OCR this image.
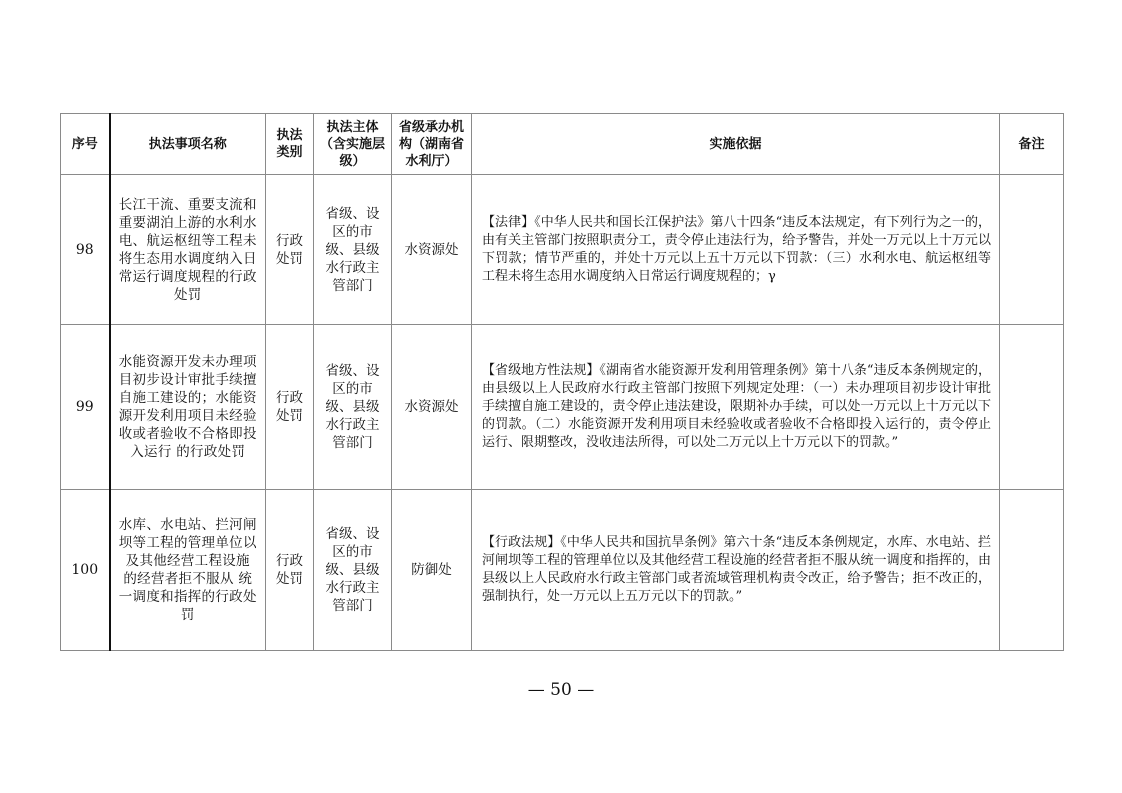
序号	执法事项名称	执法类别	执法主体（含实施层级）	省级承办机构（湖南省水利厅）	实施依据	备注

98	长江干流、重要支流和重要湖泊上游的水利水电、航运枢纽等工程未将生态用水调度纳入日常运行调度规程的行政处罚	行政处罚	省级、设区的市级、县级水行政主管部门	水资源处	【法律】《中华人民共和国长江保护法》第八十四条“违反本法规定，有下列行为之一的，由有关主管部门按照职责分工，责令停止违法行为，给予警告，并处一万元以上十万元以下罚款；情节严重的，并处十万元以上五十万元以下罚款：（三）水利水电、航运枢纽等工程未将生态用水调度纳入日常运行调度规程的；γ	

99	水能资源开发未办理项目初步设计审批手续擅 自施工建设的；水能资源开发利用项目未经验收或者验收不合格即投入运行 的行政处罚	行政处罚	省级、设区的市级、县级水行政主管部门	水资源处	【省级地方性法规】《湖南省水能资源开发利用管理条例》第十八条“违反本条例规定的，由县级以上人民政府水行政主管部门按照下列规定处理：（一）未办理项目初步设计审批手续擅自施工建设的，责令停止违法建设，限期补办手续，可以处一万元以上十万元以下的罚款。（二）水能资源开发利用项目未经验收或者验收不合格即投入运行的，责令停止运行、限期整改，没收违法所得，可以处二万元以上十万元以下的罚款。”	

100	水库、水电站、拦河闸坝等工程的管理单位以及其他经营工程设施 的经营者拒不服从 统一调度和指挥的行政处罚	行政处罚	省级、设区的市级、县级水行政主管部门	防御处	【行政法规】《中华人民共和国抗旱条例》第六十条“违反本条例规定，水库、水电站、拦河闸坝等工程的管理单位以及其他经营工程设施的经营者拒不服从统一调度和指挥的，由县级以上人民政府水行政主管部门或者流域管理机构责令改正，给予警告；拒不改正的，强制执行，处一万元以上五万元以下的罚款。”	

— 50 —
